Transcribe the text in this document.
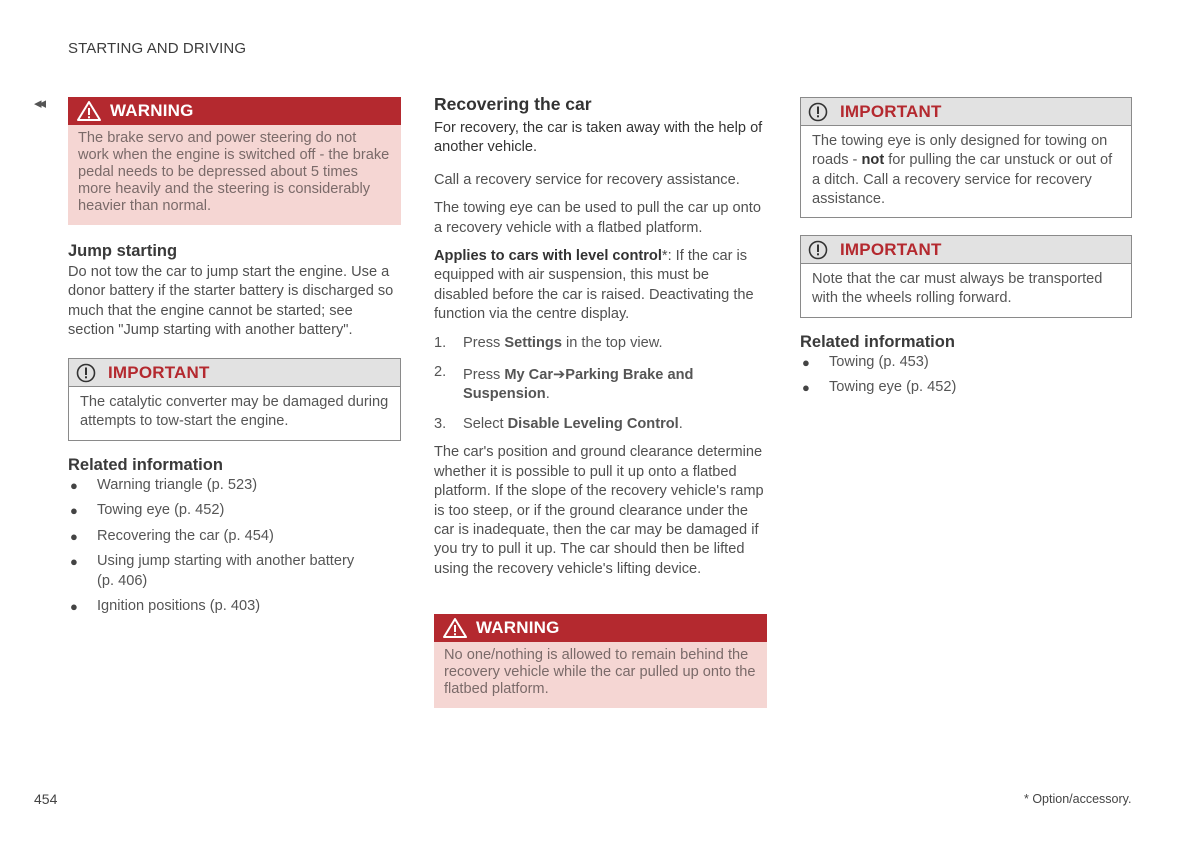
STARTING AND DRIVING
◂◂	WARNING
The brake servo and power steering do not work when the engine is switched off - the brake pedal needs to be depressed about 5 times more heavily and the steering is considerably heavier than normal.
Jump starting

Do not tow the car to jump start the engine. Use a donor battery if the starter battery is discharged so much that the engine cannot be started; see section "Jump starting with another battery".

IMPORTANT
The catalytic converter may be damaged during attempts to tow-start the engine.
Related information
● Warning triangle (p. 523)
● Towing eye (p. 452)
● Recovering the car (p. 454)
● Using jump starting with another battery (p. 406)
● Ignition positions (p. 403)
Recovering the car

For recovery, the car is taken away with the help of another vehicle.

Call a recovery service for recovery assistance.

The towing eye can be used to pull the car up onto a recovery vehicle with a flatbed platform.

Applies to cars with level control*: If the car is equipped with air suspension, this must be disabled before the car is raised. Deactivating the function via the centre display.

1. Press Settings in the top view.
2. Press My Car➔Parking Brake and Suspension.
3. Select Disable Leveling Control.

The car's position and ground clearance determine whether it is possible to pull it up onto a flatbed platform. If the slope of the recovery vehicle's ramp is too steep, or if the ground clearance under the car is inadequate, then the car may be damaged if you try to pull it up. The car should then be lifted using the recovery vehicle's lifting device.

WARNING
No one/nothing is allowed to remain behind the recovery vehicle while the car pulled up onto the flatbed platform.
IMPORTANT
The towing eye is only designed for towing on roads - not for pulling the car unstuck or out of a ditch. Call a recovery service for recovery assistance.
IMPORTANT
Note that the car must always be transported with the wheels rolling forward.
Related information
● Towing (p. 453)
● Towing eye (p. 452)
454	* Option/accessory.
